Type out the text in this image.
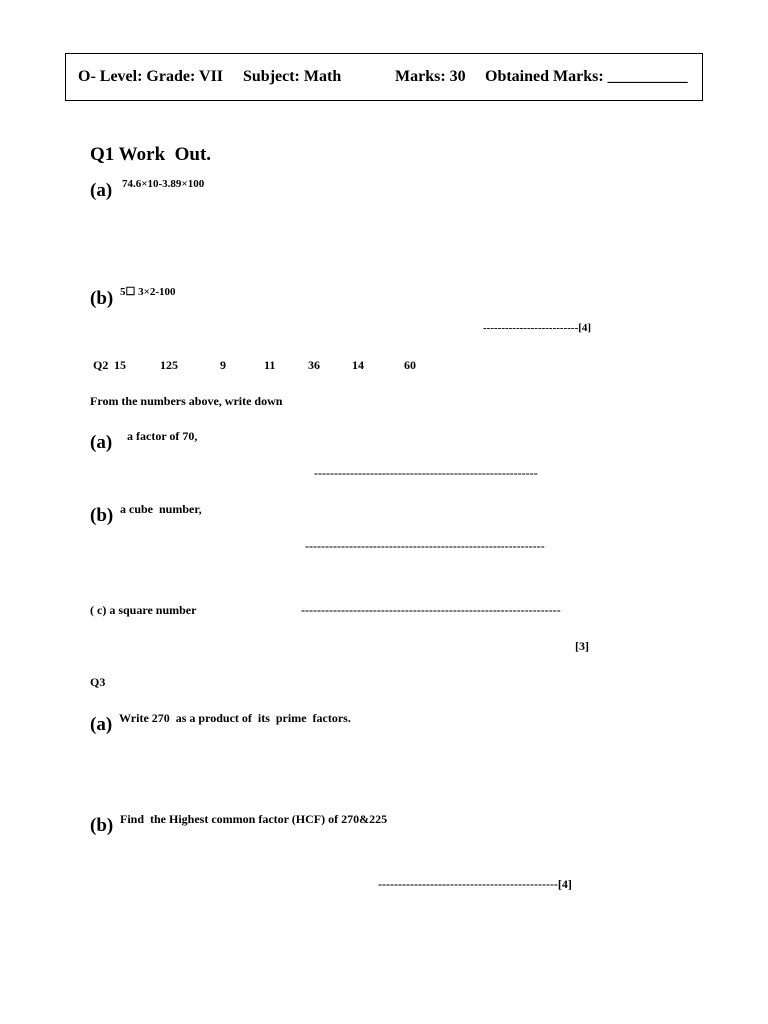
O- Level: Grade: VII Subject: Math	Marks: 30 Obtained Marks: __________
Q1 Work  Out.
(a) 74.6×10-3.89×100
(b) 5☐ 3×2-100
--------------------------[4]
Q2 15	125	9	11	36	14	60
From the numbers above, write down
(a) a factor of 70,
--------------------------------------------------------
(b) a cube  number,
------------------------------------------------------------
( c) a square number	-----------------------------------------------------------------
[3]
Q3
(a) Write 270  as a product of  its  prime  factors.
(b) Find  the Highest common factor (HCF) of 270&225
---------------------------------------------[4]
